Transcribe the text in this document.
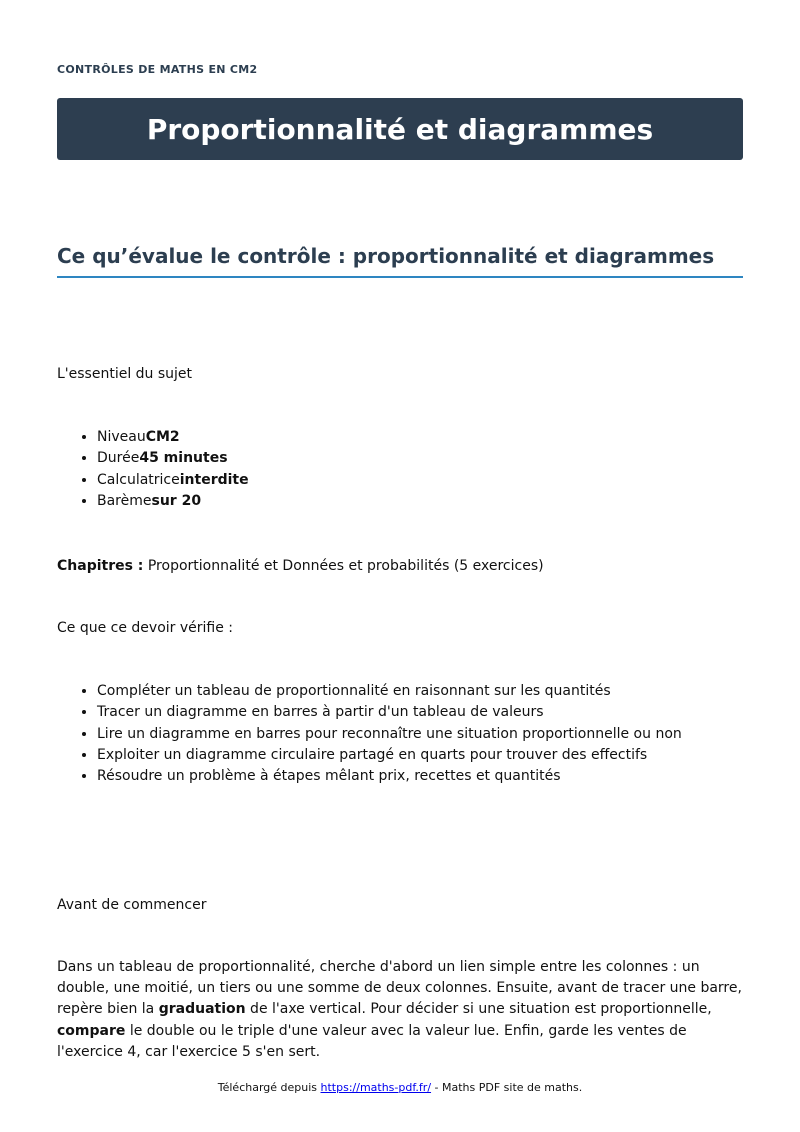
CONTRÔLES DE MATHS EN CM2
Proportionnalité et diagrammes
Ce qu’évalue le contrôle : proportionnalité et diagrammes

L'essentiel du sujet

• NiveauCM2
• Durée45 minutes
• Calculatriceinterdite
• Barèmesur 20

Chapitres : Proportionnalité et Données et probabilités (5 exercices)

Ce que ce devoir vérifie :

• Compléter un tableau de proportionnalité en raisonnant sur les quantités
• Tracer un diagramme en barres à partir d'un tableau de valeurs
• Lire un diagramme en barres pour reconnaître une situation proportionnelle ou non
• Exploiter un diagramme circulaire partagé en quarts pour trouver des effectifs
• Résoudre un problème à étapes mêlant prix, recettes et quantités

Avant de commencer

Dans un tableau de proportionnalité, cherche d'abord un lien simple entre les colonnes : un double, une moitié, un tiers ou une somme de deux colonnes. Ensuite, avant de tracer une barre, repère bien la graduation de l'axe vertical. Pour décider si une situation est proportionnelle, compare le double ou le triple d'une valeur avec la valeur lue. Enfin, garde les ventes de l'exercice 4, car l'exercice 5 s'en sert.

Téléchargé depuis https://maths-pdf.fr/ - Maths PDF site de maths.
